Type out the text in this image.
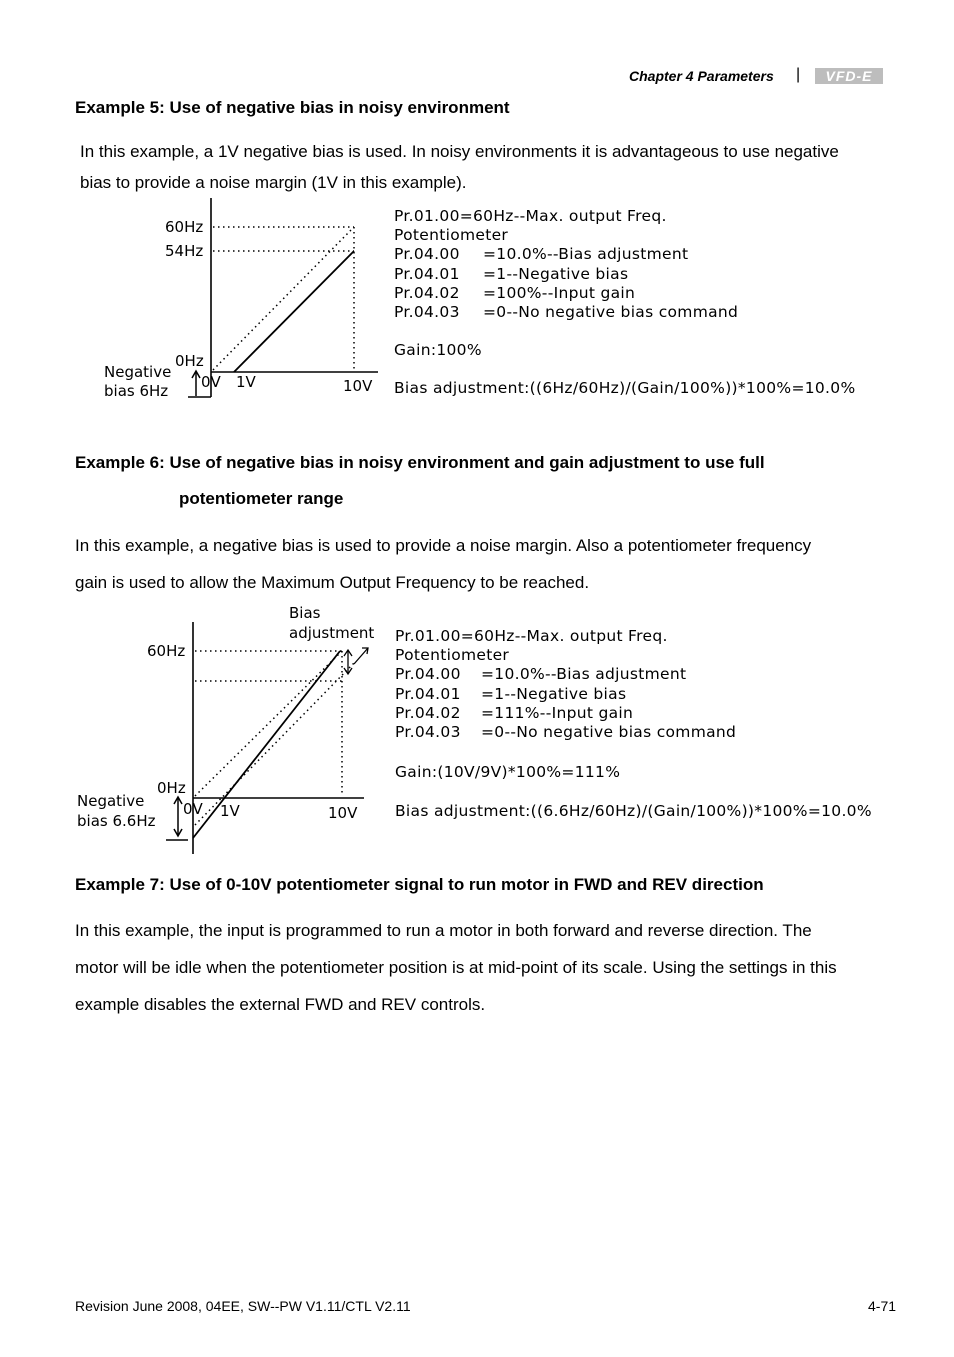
Chapter 4 Parameters |	VFD-E
Example 5: Use of negative bias in noisy environment
In this example, a 1V negative bias is used. In noisy environments it is advantageous to use negative
bias to provide a noise margin (1V in this example).
60Hz
54Hz
0Hz
Negative
bias 6Hz 0V 1V	10V
Pr.01.00=60Hz--Max. output Freq.
Potentiometer
Pr.04.00 =10.0%--Bias adjustment
Pr.04.01 =1--Negative bias
Pr.04.02 =100%--Input gain
Pr.04.03 =0--No negative bias command
Gain:100%
Bias adjustment:((6Hz/60Hz)/(Gain/100%))*100%=10.0%
Example 6: Use of negative bias in noisy environment and gain adjustment to use full
potentiometer range
In this example, a negative bias is used to provide a noise margin. Also a potentiometer frequency
gain is used to allow the Maximum Output Frequency to be reached.
Bias
adjustment
60Hz
0Hz
Negative
bias 6.6Hz
0V 1V	10V
Pr.01.00=60Hz--Max. output Freq.
Potentiometer
Pr.04.00 =10.0%--Bias adjustment
Pr.04.01 =1--Negative bias
Pr.04.02 =111%--Input gain
Pr.04.03 =0--No negative bias command
Gain:(10V/9V)*100%=111%
Bias adjustment:((6.6Hz/60Hz)/(Gain/100%))*100%=10.0%
Example 7: Use of 0-10V potentiometer signal to run motor in FWD and REV direction
In this example, the input is programmed to run a motor in both forward and reverse direction. The
motor will be idle when the potentiometer position is at mid-point of its scale. Using the settings in this
example disables the external FWD and REV controls.
Revision June 2008, 04EE, SW--PW V1.11/CTL V2.11	4-71
